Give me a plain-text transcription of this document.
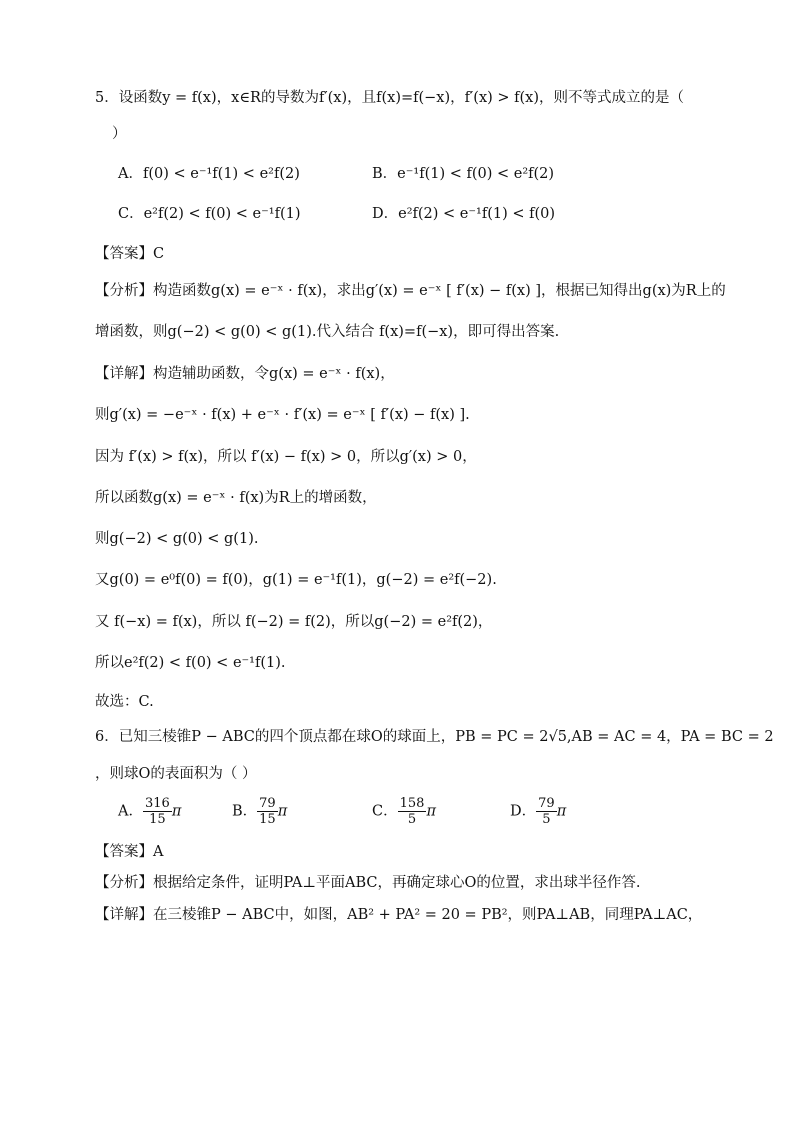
5．设函数y = f(x)，x∈R的导数为f′(x)，且f(x)=f(−x)，f′(x) > f(x)，则不等式成立的是（
）
A．f(0) < e⁻¹f(1) < e²f(2)	B．e⁻¹f(1) < f(0) < e²f(2)
C．e²f(2) < f(0) < e⁻¹f(1)	D．e²f(2) < e⁻¹f(1) < f(0)
【答案】C
【分析】构造函数g(x) = e⁻ˣ · f(x)，求出g′(x) = e⁻ˣ [ f′(x) − f(x) ]，根据已知得出g(x)为R上的
增函数，则g(−2) < g(0) < g(1).代入结合 f(x)=f(−x)，即可得出答案.
【详解】构造辅助函数，令g(x) = e⁻ˣ · f(x)，
则g′(x) = −e⁻ˣ · f(x) + e⁻ˣ · f′(x) = e⁻ˣ [ f′(x) − f(x) ].
因为 f′(x) > f(x)，所以 f′(x) − f(x) > 0，所以g′(x) > 0，
所以函数g(x) = e⁻ˣ · f(x)为R上的增函数，
则g(−2) < g(0) < g(1).
又g(0) = e⁰f(0) = f(0)，g(1) = e⁻¹f(1)，g(−2) = e²f(−2).
又 f(−x) = f(x)，所以 f(−2) = f(2)，所以g(−2) = e²f(2)，
所以e²f(2) < f(0) < e⁻¹f(1).
故选：C.
6．已知三棱锥P − ABC的四个顶点都在球O的球面上，PB = PC = 2√5,AB = AC = 4，PA = BC = 2
，则球O的表面积为（ ）
A． $\frac{316}{15}$ π	B． $\frac{79}{15}$ π	C． $\frac{158}{5}$ π	D． $\frac{79}{5}$ π
【答案】A
【分析】根据给定条件，证明PA⊥平面ABC，再确定球心O的位置，求出球半径作答.
【详解】在三棱锥P − ABC中，如图，AB² + PA² = 20 = PB²，则PA⊥AB，同理PA⊥AC，
